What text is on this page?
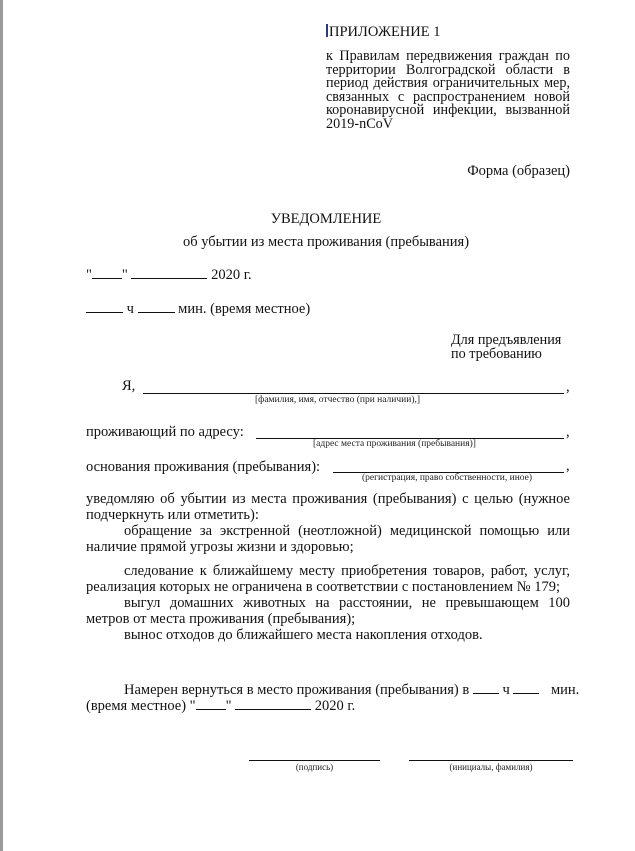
ПРИЛОЖЕНИЕ 1
к Правилам передвижения граждан по территории Волгоградской области в период действия ограничительных мер, связанных с распространением новой коронавирусной инфекции, вызванной 2019-nCoV
Форма (образец)
УВЕДОМЛЕНИЕ
об убытии из места проживания (пребывания)
" "	2020 г.
ч	мин. (время местное)
Для предъявления
по требованию
Я,	,
[фамилия, имя, отчество (при наличии),]
проживающий по адресу:	,
[адрес места проживания (пребывания)]
основания проживания (пребывания):	,
(регистрация, право собственности, иное)
уведомляю об убытии из места проживания (пребывания) с целью (нужное подчеркнуть или отметить):
обращение за экстренной (неотложной) медицинской помощью или наличие прямой угрозы жизни и здоровью;
следование к ближайшему месту приобретения товаров, работ, услуг, реализация которых не ограничена в соответствии с постановлением № 179;
выгул домашних животных на расстоянии, не превышающем 100 метров от места проживания (пребывания);
вынос отходов до ближайшего места накопления отходов.
Намерен вернуться в место проживания (пребывания) в ч	мин.
(время местное) " "	2020 г.
(подпись)	(инициалы, фамилия)
